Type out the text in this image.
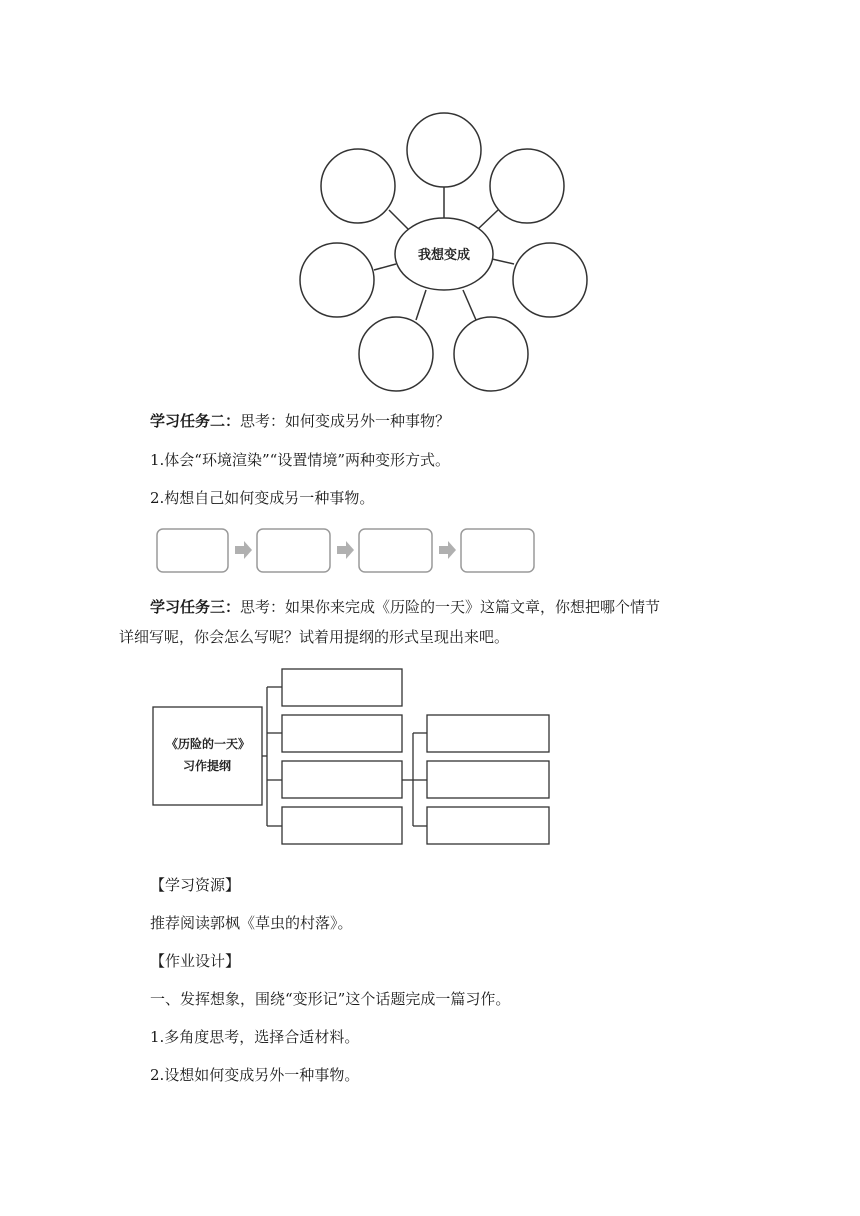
我想变成
《历险的一天》
习作提纲
学习任务二：思考：如何变成另外一种事物？
1.体会“环境渲染”“设置情境”两种变形方式。
2.构想自己如何变成另一种事物。
学习任务三：思考：如果你来完成《历险的一天》这篇文章，你想把哪个情节
详细写呢，你会怎么写呢？试着用提纲的形式呈现出来吧。
【学习资源】
推荐阅读郭枫《草虫的村落》。
【作业设计】
一、发挥想象，围绕“变形记”这个话题完成一篇习作。
1.多角度思考，选择合适材料。
2.设想如何变成另外一种事物。
